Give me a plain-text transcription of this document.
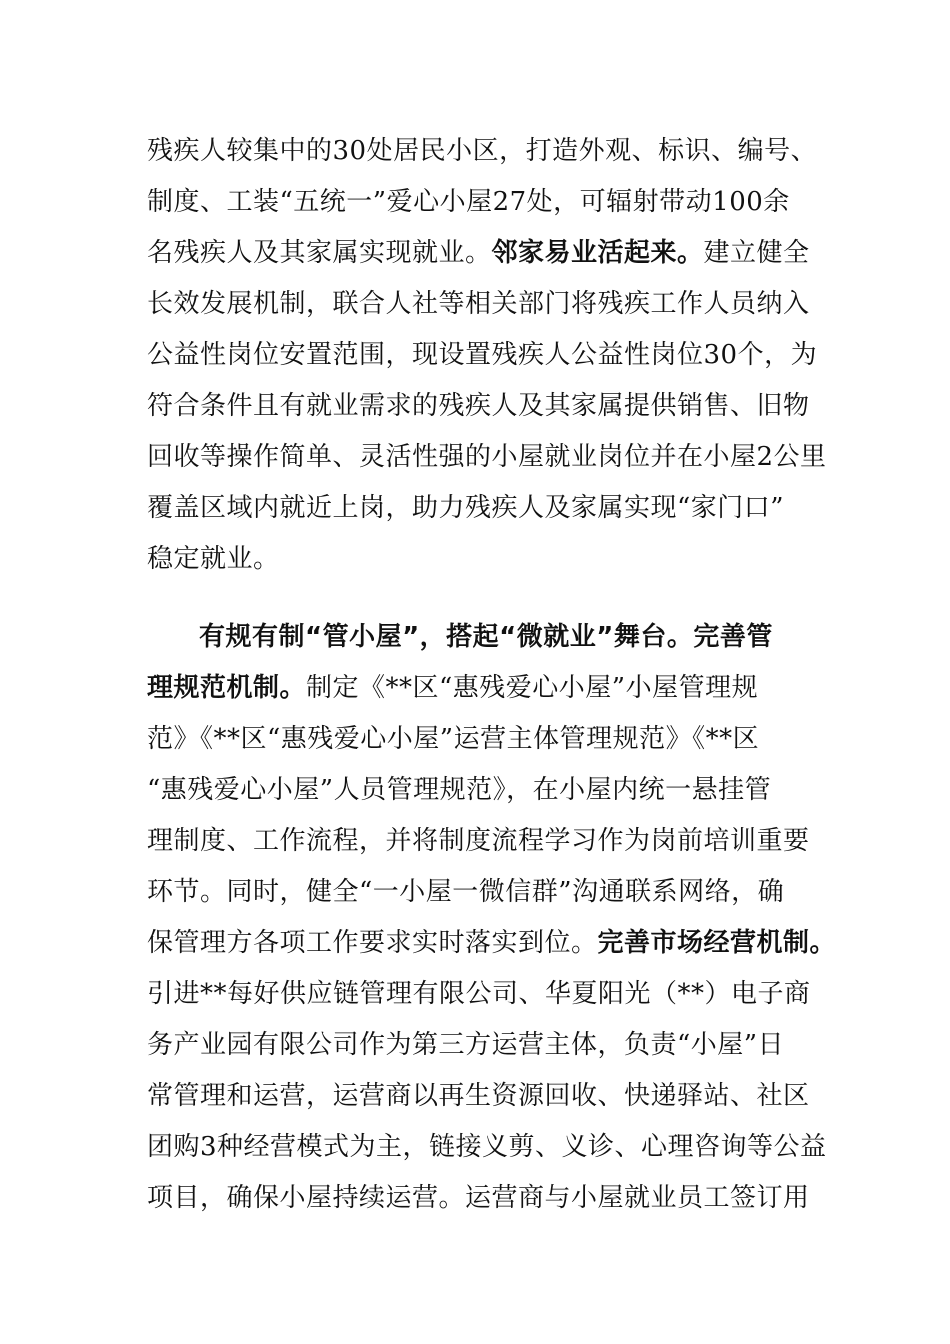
残疾人较集中的30处居民小区，打造外观、标识、编号、
制度、工装“五统一”爱心小屋27处，可辐射带动100余
名残疾人及其家属实现就业。邻家易业活起来。建立健全
长效发展机制，联合人社等相关部门将残疾工作人员纳入
公益性岗位安置范围，现设置残疾人公益性岗位30个，为
符合条件且有就业需求的残疾人及其家属提供销售、旧物
回收等操作简单、灵活性强的小屋就业岗位并在小屋2公里
覆盖区域内就近上岗，助力残疾人及家属实现“家门口”
稳定就业。
有规有制“管小屋”，搭起“微就业”舞台。完善管
理规范机制。制定《**区“惠残爱心小屋”小屋管理规
范》《**区“惠残爱心小屋”运营主体管理规范》《**区
“惠残爱心小屋”人员管理规范》，在小屋内统一悬挂管
理制度、工作流程，并将制度流程学习作为岗前培训重要
环节。同时，健全“一小屋一微信群”沟通联系网络，确
保管理方各项工作要求实时落实到位。完善市场经营机制。
引进**每好供应链管理有限公司、华夏阳光（**）电子商
务产业园有限公司作为第三方运营主体，负责“小屋”日
常管理和运营，运营商以再生资源回收、快递驿站、社区
团购3种经营模式为主，链接义剪、义诊、心理咨询等公益
项目，确保小屋持续运营。运营商与小屋就业员工签订用
